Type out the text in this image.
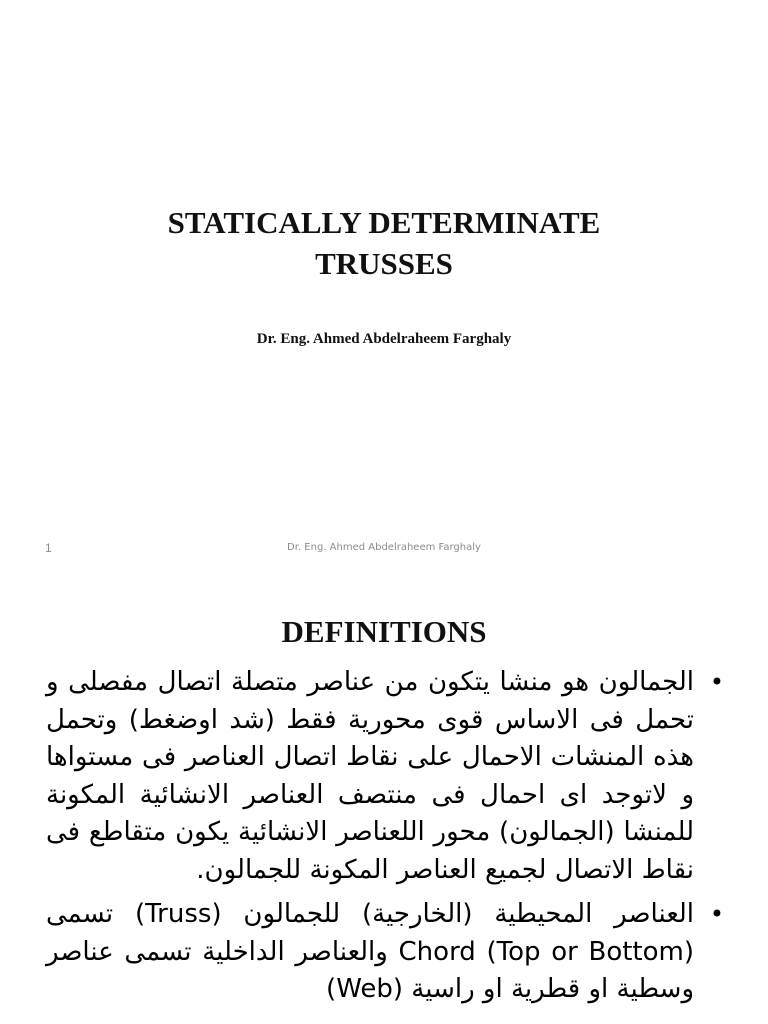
STATICALLY DETERMINATE
TRUSSES
Dr. Eng. Ahmed Abdelraheem Farghaly
1	Dr. Eng. Ahmed Abdelraheem Farghaly
DEFINITIONS
•
الجمالون هو منشا يتكون من عناصر متصلة اتصال مفصلى و تحمل فى الاساس قوى محورية فقط (شد اوضغط) وتحمل هذه المنشات الاحمال على نقاط اتصال العناصر فى مستواها و لاتوجد اى احمال فى منتصف العناصر الانشائية المكونة للمنشا (الجمالون) محور اللعناصر الانشائية يكون متقاطع فى نقاط الاتصال لجميع العناصر المكونة للجمالون.
•
العناصر المحيطية (الخارجية) للجمالون (Truss) تسمى Chord (Top or Bottom) والعناصر الداخلية تسمى عناصر وسطية او قطرية او راسية (Web)
